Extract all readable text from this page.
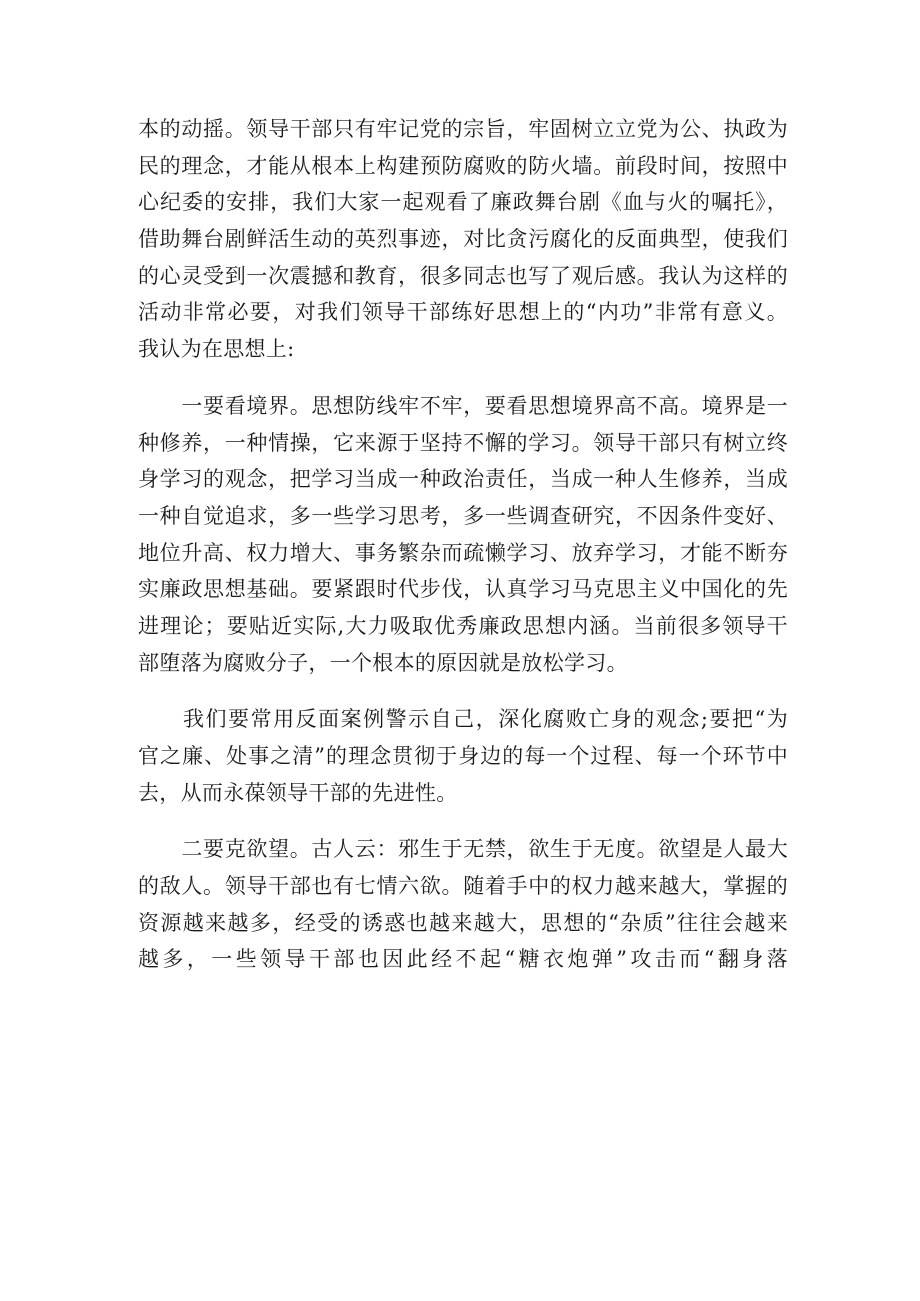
本的动摇。领导干部只有牢记党的宗旨，牢固树立立党为公、执政为
民的理念，才能从根本上构建预防腐败的防火墙。前段时间，按照中
心纪委的安排，我们大家一起观看了廉政舞台剧《血与火的嘱托》，
借助舞台剧鲜活生动的英烈事迹，对比贪污腐化的反面典型，使我们
的心灵受到一次震撼和教育，很多同志也写了观后感。我认为这样的
活动非常必要，对我们领导干部练好思想上的“内功”非常有意义。
我认为在思想上:
　　一要看境界。思想防线牢不牢，要看思想境界高不高。境界是一
种修养，一种情操，它来源于坚持不懈的学习。领导干部只有树立终
身学习的观念，把学习当成一种政治责任，当成一种人生修养，当成
一种自觉追求，多一些学习思考，多一些调查研究，不因条件变好、
地位升高、权力增大、事务繁杂而疏懒学习、放弃学习，才能不断夯
实廉政思想基础。要紧跟时代步伐，认真学习马克思主义中国化的先
进理论；要贴近实际,大力吸取优秀廉政思想内涵。当前很多领导干
部堕落为腐败分子，一个根本的原因就是放松学习。
　　我们要常用反面案例警示自己，深化腐败亡身的观念;要把“为
官之廉、处事之清”的理念贯彻于身边的每一个过程、每一个环节中
去，从而永葆领导干部的先进性。
　　二要克欲望。古人云：邪生于无禁，欲生于无度。欲望是人最大
的敌人。领导干部也有七情六欲。随着手中的权力越来越大，掌握的
资源越来越多，经受的诱惑也越来越大，思想的“杂质”往往会越来
越多，一些领导干部也因此经不起“糖衣炮弹”攻击而“翻身落
